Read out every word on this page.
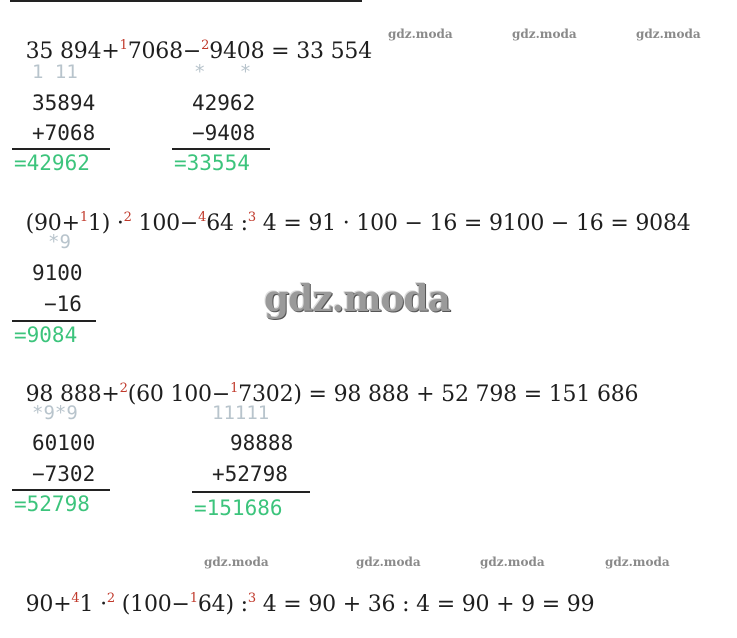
35 894+$^1$7068−$^2$9408 = 33 554

gdz.moda	gdz.moda	gdz.moda
1 11
35894
+7068
=42962
*   *
42962
−9408
=33554

(90+$^1$1) ·$^2$ 100−$^4$64 :$^3$ 4 = 91 · 100 − 16 = 9100 − 16 = 9084

*9
9100
−16
=9084
gdz.moda

98 888+$^2$(60 100−$^1$7302) = 98 888 + 52 798 = 151 686

*9*9
60100
−7302
=52798
11111
98888
+52798
=151686
gdz.moda	gdz.moda	gdz.moda	gdz.moda

90+$^4$1 ·$^2$ (100−$^1$64) :$^3$ 4 = 90 + 36 : 4 = 90 + 9 = 99
